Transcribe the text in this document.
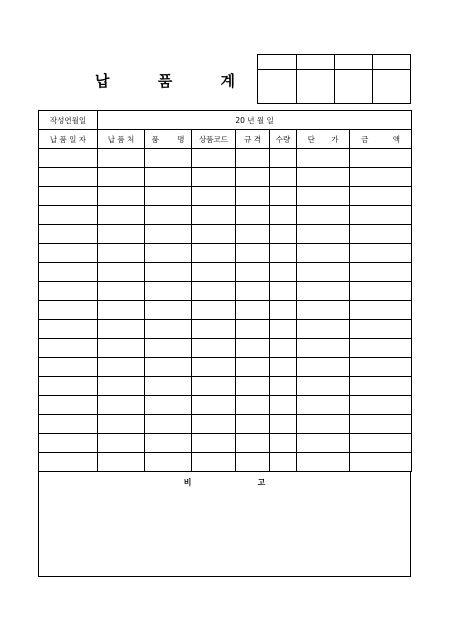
납	품	계

작성연월일	20 년 월 일						
납 품 일 자	납 품 처	품 명	상품코드	규 격	수량	단 가	금 액

비	고
